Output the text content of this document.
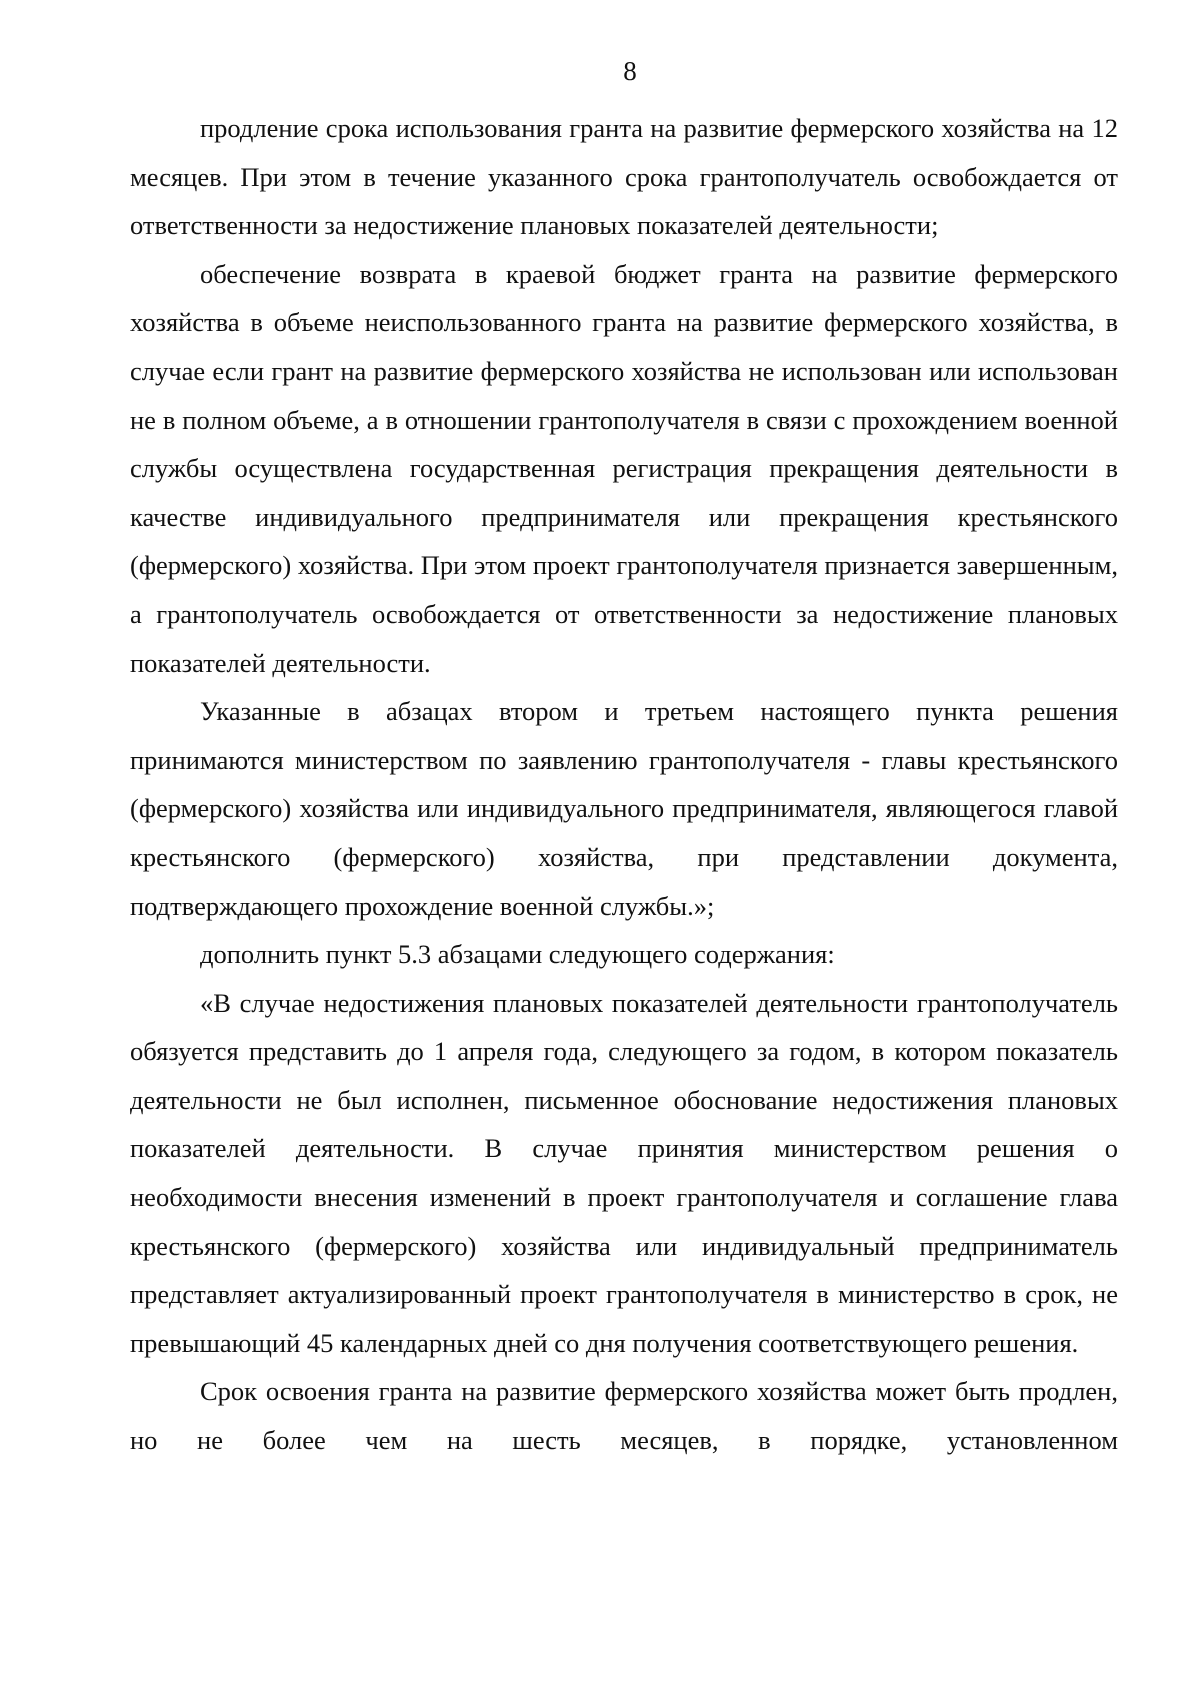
8

продление срока использования гранта на развитие фермерского хозяйства на 12 месяцев. При этом в течение указанного срока грантополучатель освобождается от ответственности за недостижение плановых показателей деятельности;

обеспечение возврата в краевой бюджет гранта на развитие фермерского хозяйства в объеме неиспользованного гранта на развитие фермерского хозяйства, в случае если грант на развитие фермерского хозяйства не использован или использован не в полном объеме, а в отношении грантополучателя в связи с прохождением военной службы осуществлена государственная регистрация прекращения деятельности в качестве индивидуального предпринимателя или прекращения крестьянского (фермерского) хозяйства. При этом проект грантополучателя признается завершенным, а грантополучатель освобождается от ответственности за недостижение плановых показателей деятельности.

Указанные в абзацах втором и третьем настоящего пункта решения принимаются министерством по заявлению грантополучателя - главы крестьянского (фермерского) хозяйства или индивидуального предпринимателя, являющегося главой крестьянского (фермерского) хозяйства, при представлении документа, подтверждающего прохождение военной службы.»;

дополнить пункт 5.3 абзацами следующего содержания:

«В случае недостижения плановых показателей деятельности грантополучатель обязуется представить до 1 апреля года, следующего за годом, в котором показатель деятельности не был исполнен, письменное обоснование недостижения плановых показателей деятельности. В случае принятия министерством решения о необходимости внесения изменений в проект грантополучателя и соглашение глава крестьянского (фермерского) хозяйства или индивидуальный предприниматель представляет актуализированный проект грантополучателя в министерство в срок, не превышающий 45 календарных дней со дня получения соответствующего решения.

Срок освоения гранта на развитие фермерского хозяйства может быть продлен, но не более чем на шесть месяцев, в порядке, установленном
